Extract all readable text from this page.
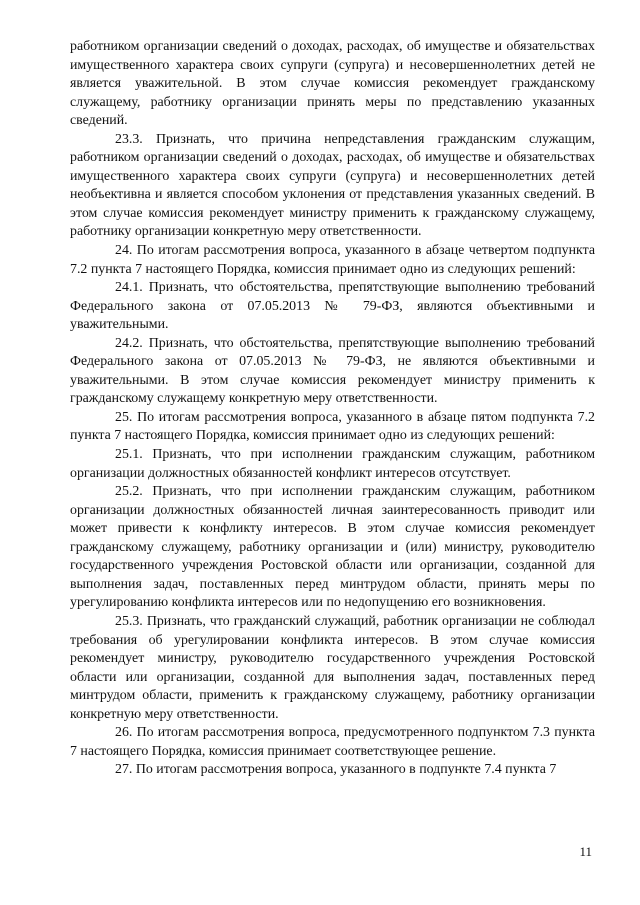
работником организации сведений о доходах, расходах, об имуществе и обязательствах имущественного характера своих супруги (супруга) и несовершеннолетних детей не является уважительной. В этом случае комиссия рекомендует гражданскому служащему, работнику организации принять меры по представлению указанных сведений.

23.3. Признать, что причина непредставления гражданским служащим, работником организации сведений о доходах, расходах, об имуществе и обязательствах имущественного характера своих супруги (супруга) и несовершеннолетних детей необъективна и является способом уклонения от представления указанных сведений. В этом случае комиссия рекомендует министру применить к гражданскому служащему, работнику организации конкретную меру ответственности.

24. По итогам рассмотрения вопроса, указанного в абзаце четвертом подпункта 7.2 пункта 7 настоящего Порядка, комиссия принимает одно из следующих решений:

24.1. Признать, что обстоятельства, препятствующие выполнению требований Федерального закона от 07.05.2013 № 79-ФЗ, являются объективными и уважительными.

24.2. Признать, что обстоятельства, препятствующие выполнению требований Федерального закона от 07.05.2013 № 79-ФЗ, не являются объективными и уважительными. В этом случае комиссия рекомендует министру применить к гражданскому служащему конкретную меру ответственности.

25. По итогам рассмотрения вопроса, указанного в абзаце пятом подпункта 7.2 пункта 7 настоящего Порядка, комиссия принимает одно из следующих решений:

25.1. Признать, что при исполнении гражданским служащим, работником организации должностных обязанностей конфликт интересов отсутствует.

25.2. Признать, что при исполнении гражданским служащим, работником организации должностных обязанностей личная заинтересованность приводит или может привести к конфликту интересов. В этом случае комиссия рекомендует гражданскому служащему, работнику организации и (или) министру, руководителю государственного учреждения Ростовской области или организации, созданной для выполнения задач, поставленных перед минтрудом области, принять меры по урегулированию конфликта интересов или по недопущению его возникновения.

25.3. Признать, что гражданский служащий, работник организации не соблюдал требования об урегулировании конфликта интересов. В этом случае комиссия рекомендует министру, руководителю государственного учреждения Ростовской области или организации, созданной для выполнения задач, поставленных перед минтрудом области, применить к гражданскому служащему, работнику организации конкретную меру ответственности.

26. По итогам рассмотрения вопроса, предусмотренного подпунктом 7.3 пункта 7 настоящего Порядка, комиссия принимает соответствующее решение.

27. По итогам рассмотрения вопроса, указанного в подпункте 7.4 пункта 7

11
